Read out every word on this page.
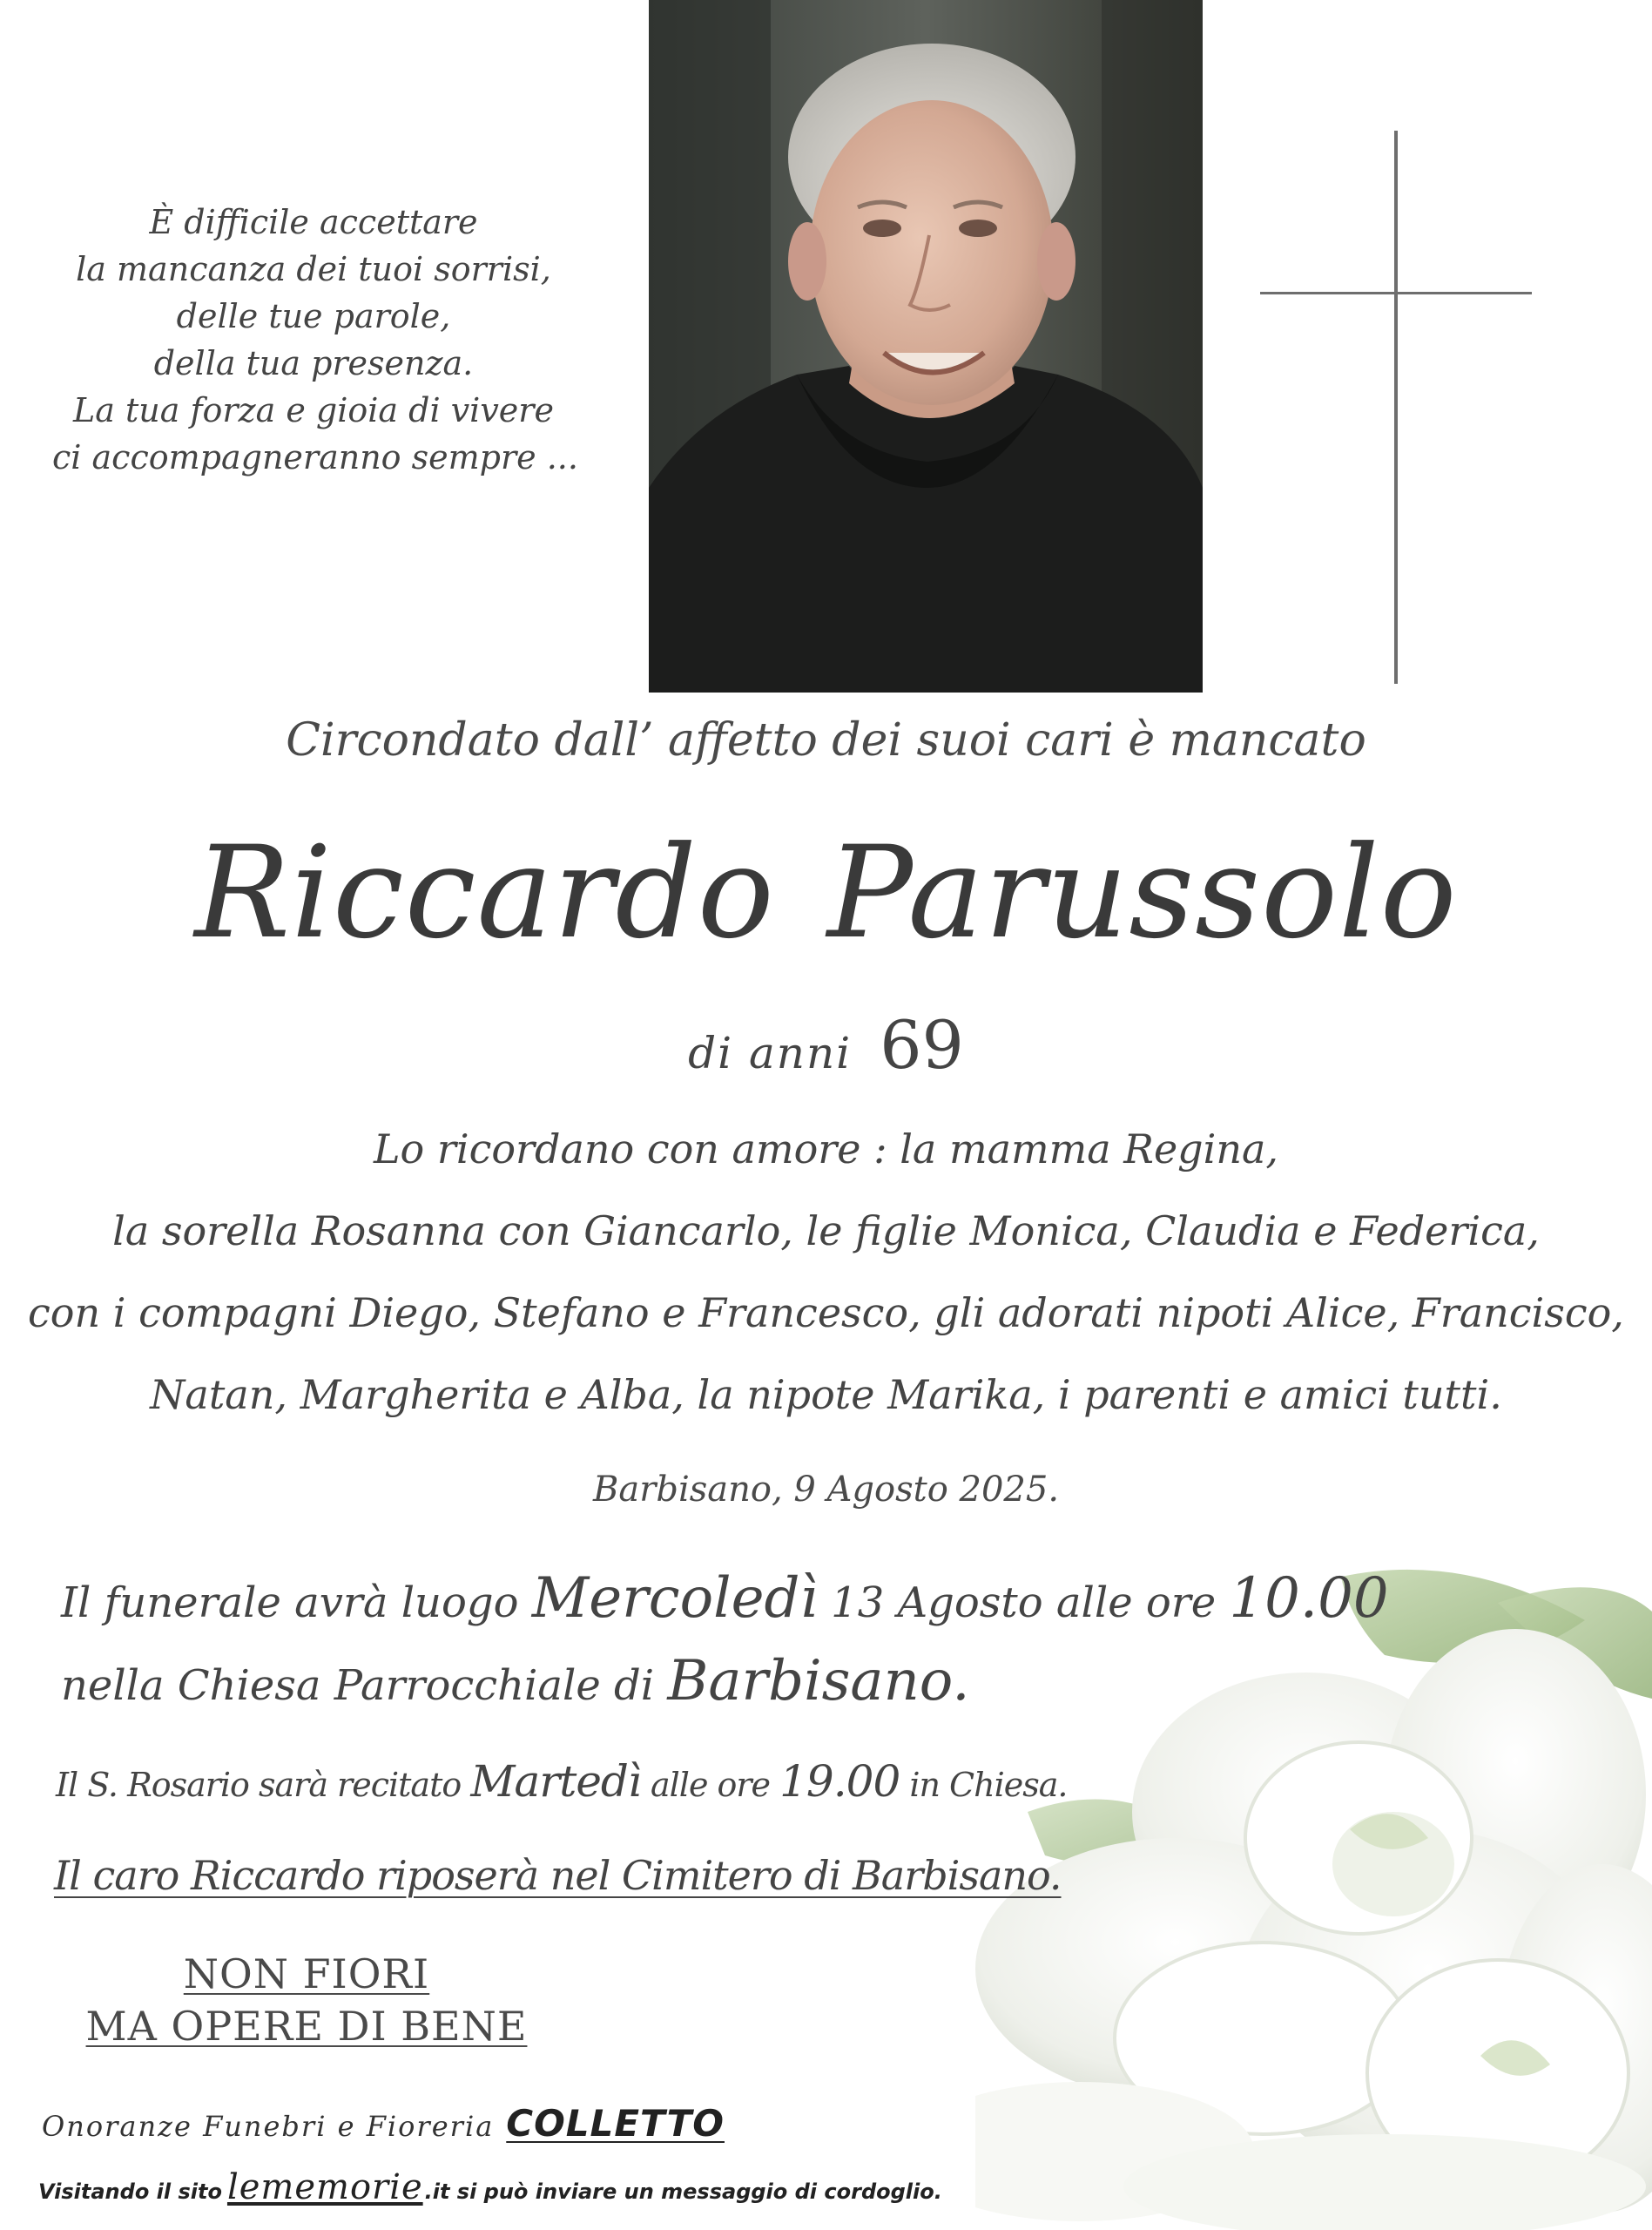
È difficile accettare
la mancanza dei tuoi sorrisi,
delle tue parole,
della tua presenza.
La tua forza e gioia di vivere
ci accompagneranno sempre ...
Circondato dall’ affetto dei suoi cari è mancato
Riccardo Parussolo
di anni 69
Lo ricordano con amore : la mamma Regina,
la sorella Rosanna con Giancarlo, le figlie Monica, Claudia e Federica,
con i compagni Diego, Stefano e Francesco, gli adorati nipoti Alice, Francisco,
Natan, Margherita e Alba, la nipote Marika, i parenti e amici tutti.
Barbisano, 9 Agosto 2025.
Il funerale avrà luogo Mercoledì 13 Agosto alle ore 10.00
nella Chiesa Parrocchiale di Barbisano.
Il S. Rosario sarà recitato Martedì alle ore 19.00 in Chiesa.
Il caro Riccardo riposerà nel Cimitero di Barbisano.
NON FIORI
MA OPERE DI BENE
Onoranze Funebri e Fioreria COLLETTO
Visitando il sito lememorie.it si può inviare un messaggio di cordoglio.
